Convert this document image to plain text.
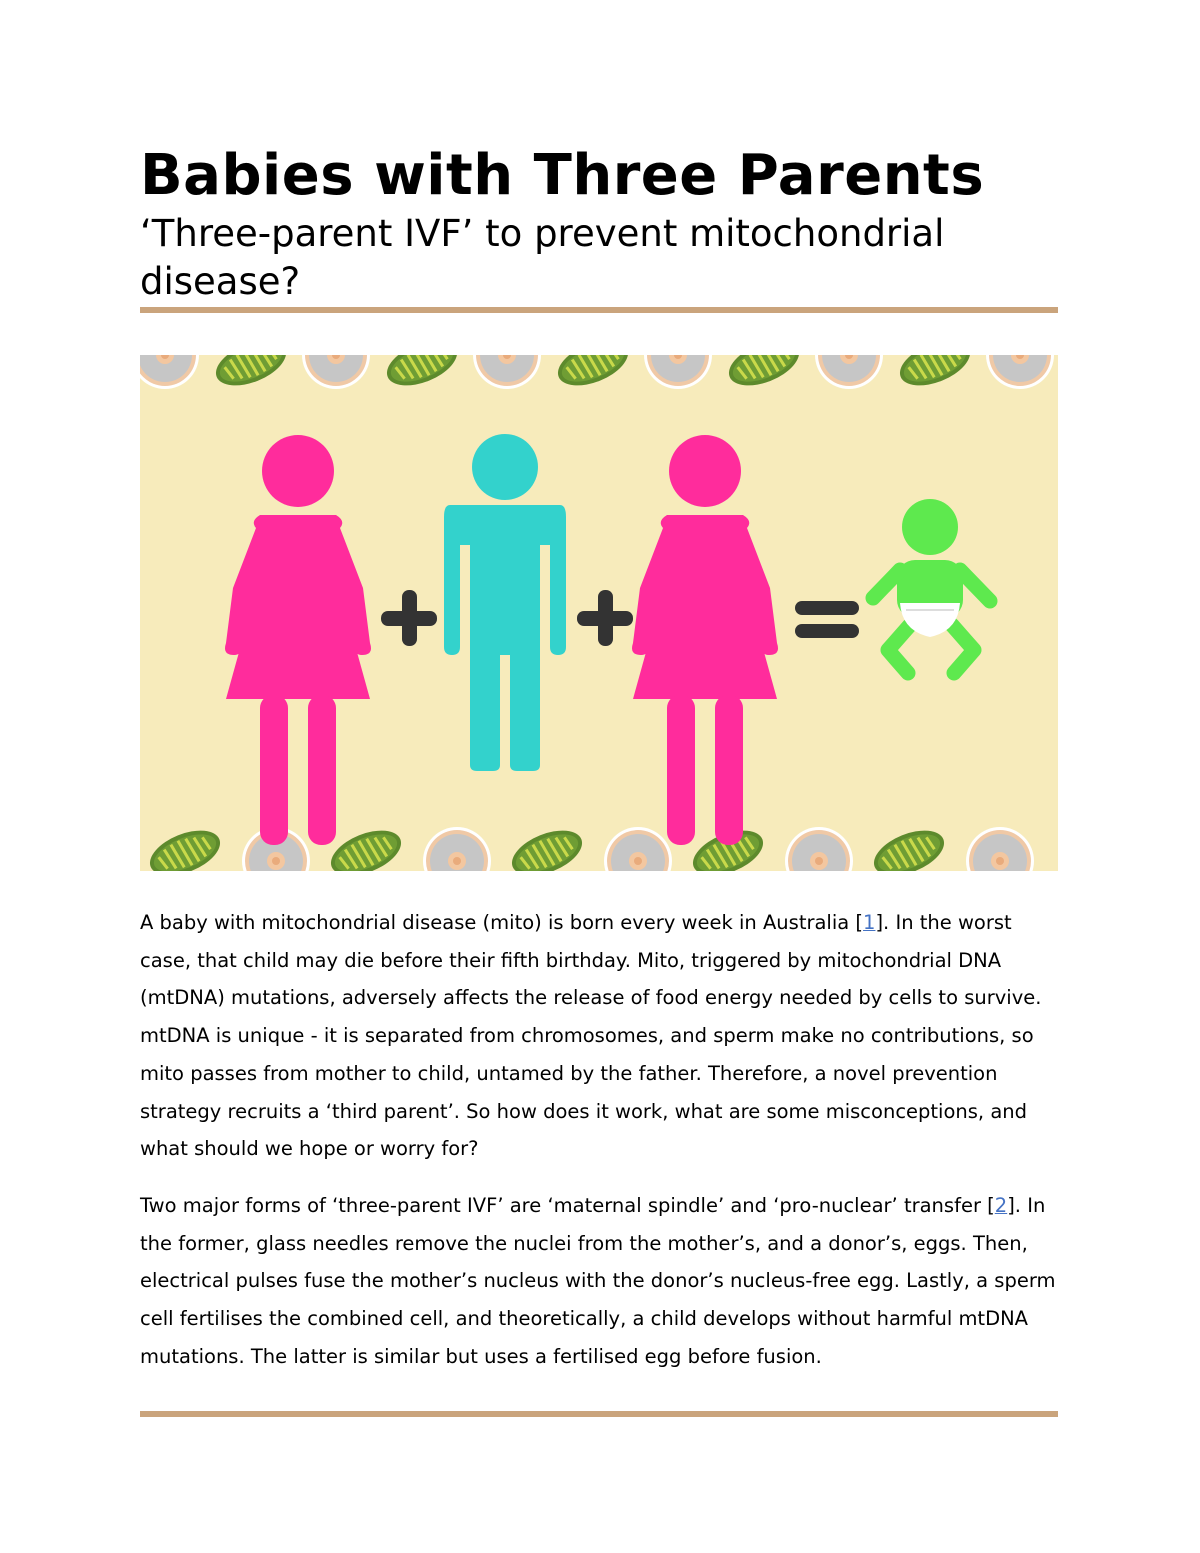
Babies with Three Parents
‘Three-parent IVF’ to prevent mitochondrial disease?

A baby with mitochondrial disease (mito) is born every week in Australia [1]. In the worst case, that child may die before their fifth birthday. Mito, triggered by mitochondrial DNA (mtDNA) mutations, adversely affects the release of food energy needed by cells to survive. mtDNA is unique - it is separated from chromosomes, and sperm make no contributions, so mito passes from mother to child, untamed by the father. Therefore, a novel prevention strategy recruits a ‘third parent’. So how does it work, what are some misconceptions, and what should we hope or worry for?

Two major forms of ‘three-parent IVF’ are ‘maternal spindle’ and ‘pro-nuclear’ transfer [2]. In the former, glass needles remove the nuclei from the mother’s, and a donor’s, eggs. Then, electrical pulses fuse the mother’s nucleus with the donor’s nucleus-free egg. Lastly, a sperm cell fertilises the combined cell, and theoretically, a child develops without harmful mtDNA mutations. The latter is similar but uses a fertilised egg before fusion.
